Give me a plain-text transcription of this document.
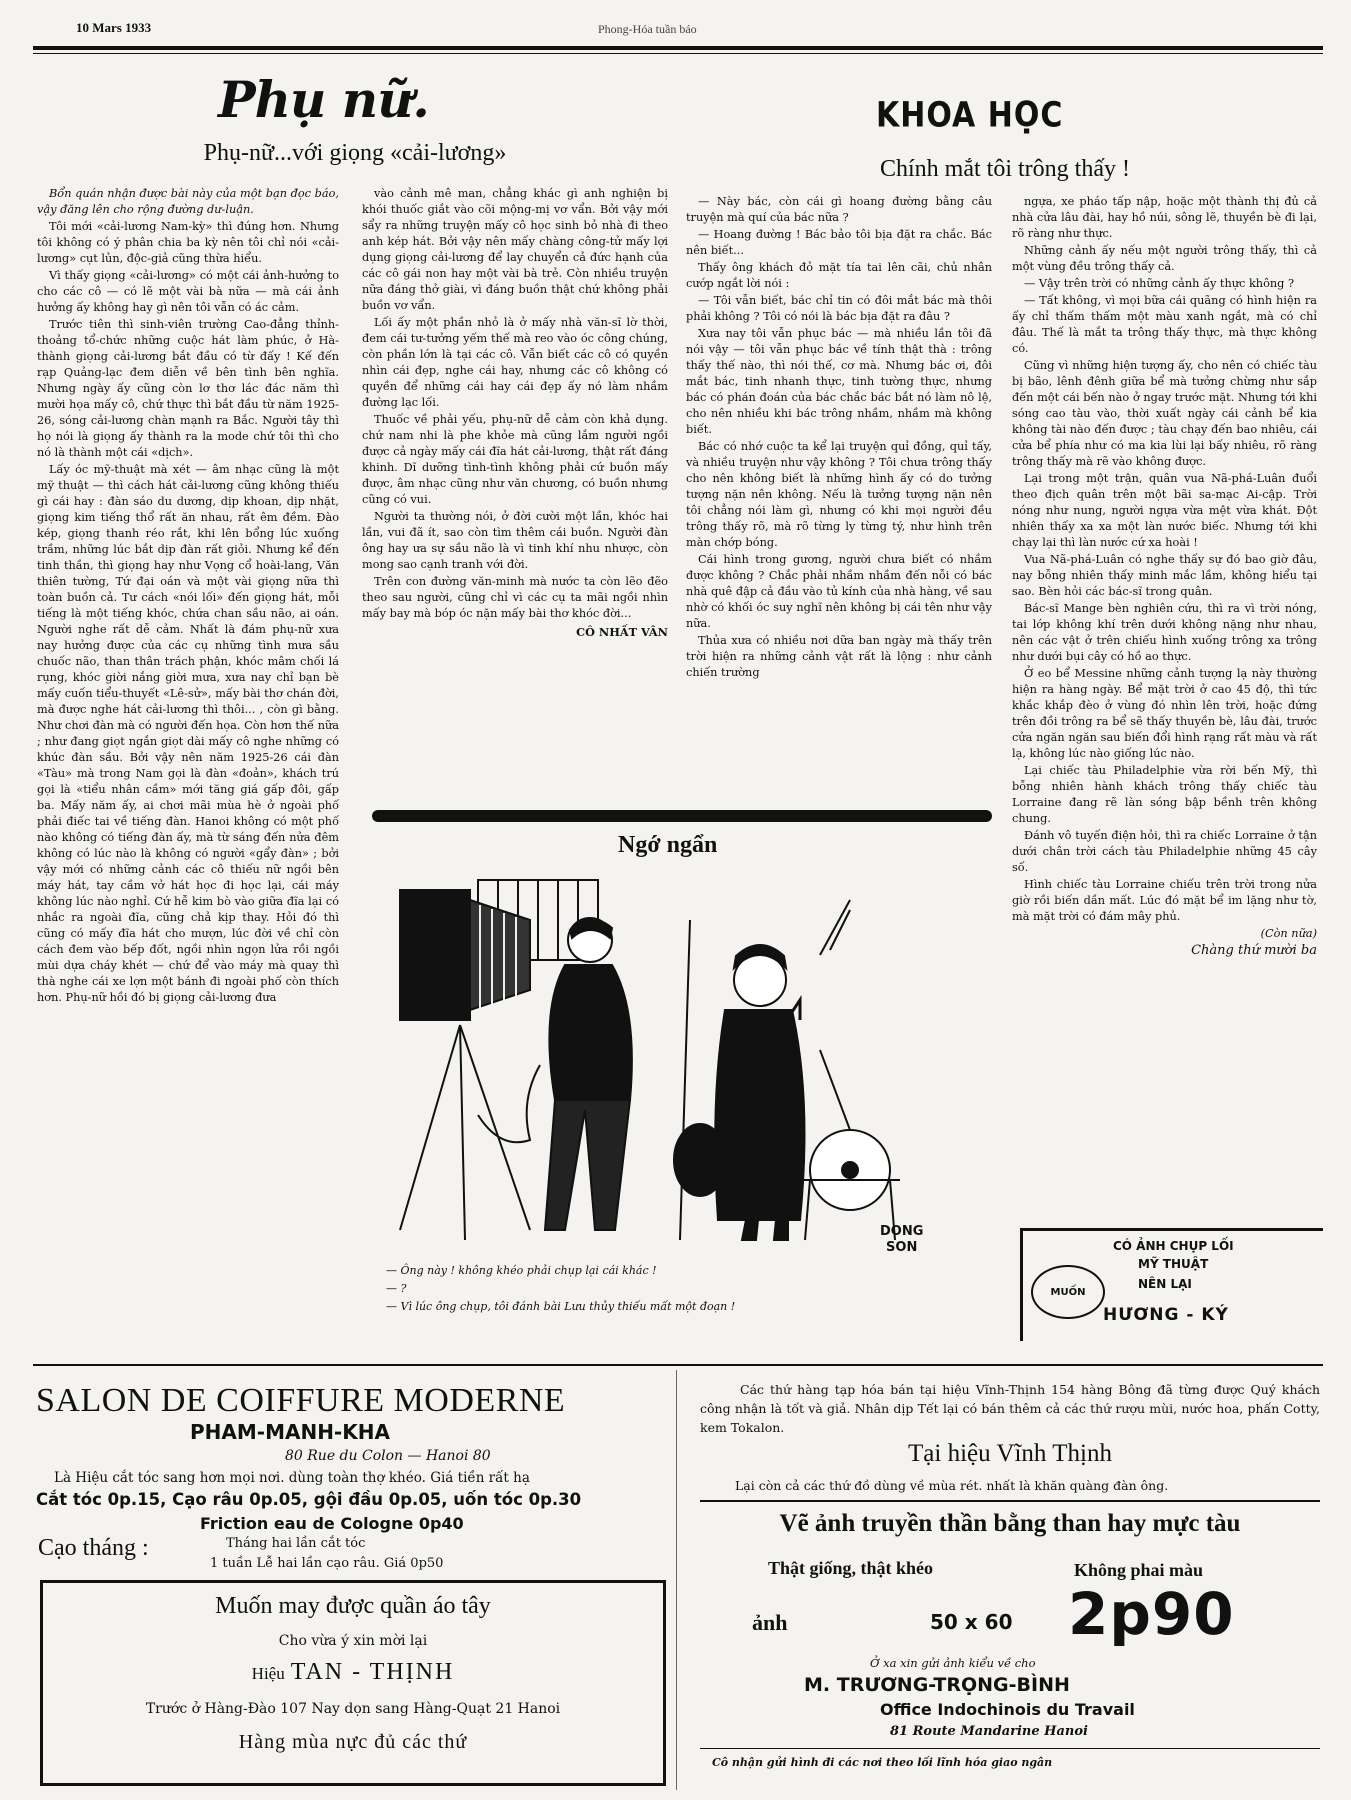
10 Mars 1933	Phong-Hóa tuần báo
Phụ nữ.
Phụ-nữ...với giọng «cải-lương»

Bổn quán nhận được bài này của một bạn đọc báo, vậy đăng lên cho rộng đường dư-luận.

Tôi mới «cải-lương Nam-kỳ» thì đúng hơn. Nhưng tôi không có ý phân chia ba kỳ nên tôi chỉ nói «cải-lương» cụt lủn, độc-giả cũng thừa hiểu.

Vì thấy giọng «cải-lương» có một cái ảnh-hưởng to cho các cô — có lẽ một vài bà nữa — mà cái ảnh hưởng ấy không hay gì nên tôi vẫn có ác cảm.

Trước tiên thì sinh-viên trường Cao-đẳng thỉnh-thoảng tổ-chức những cuộc hát làm phúc, ở Hà-thành giọng cải-lương bắt đầu có từ đấy ! Kế đến rạp Quảng-lạc đem diễn về bên tình bên nghĩa. Nhưng ngày ấy cũng còn lơ thơ lác đác năm thì mười họa mấy cô, chứ thực thì bắt đầu từ năm 1925-26, sóng cải-lương chàn mạnh ra Bắc. Người tây thì họ nói là giọng ấy thành ra la mode chứ tôi thì cho nó là thành một cái «dịch».

Lấy óc mỹ-thuật mà xét — âm nhạc cũng là một mỹ thuật — thì cách hát cải-lương cũng không thiếu gì cái hay : đàn sáo du dương, dịp khoan, dịp nhặt, giọng kim tiếng thổ rất ăn nhau, rất êm đềm. Đào kép, giọng thanh réo rắt, khi lên bổng lúc xuống trầm, những lúc bắt dịp đàn rất giỏi. Nhưng kể đến tinh thần, thì giọng hay như Vọng cổ hoài-lang, Văn thiên tường, Tứ đại oán và một vài giọng nữa thì toàn buồn cả. Tư cách «nói lối» đến giọng hát, mỗi tiếng là một tiếng khóc, chứa chan sầu não, ai oán. Người nghe rất dễ cảm. Nhất là đám phụ-nữ xưa nay hưởng được của các cụ những tình mưa sầu chuốc não, than thân trách phận, khóc mâm chối lá rụng, khóc giời nắng giời mưa, xưa nay chỉ bạn bè mấy cuốn tiểu-thuyết «Lê-sử», mấy bài thơ chán đời, mà được nghe hát cải-lương thì thôi... , còn gì bằng. Như chơi đàn mà có người đến họa. Còn hơn thế nữa ; như đang giọt ngắn giọt dài mấy cô nghe những có khúc đàn sầu. Bởi vậy nên năm 1925-26 cái đàn «Tàu» mà trong Nam gọi là đàn «đoản», khách trú gọi là «tiểu nhân cầm» mới tăng giá gấp đôi, gấp ba. Mấy năm ấy, ai chơi mãi mùa hè ở ngoài phố phải điếc tai về tiếng đàn. Hanoi không có một phố nào không có tiếng đàn ấy, mà từ sáng đến nửa đêm không có lúc nào là không có người «gẩy đàn» ; bởi vậy mới có những cảnh các cô thiếu nữ ngồi bên máy hát, tay cầm vở hát học đi học lại, cái máy không lúc nào nghỉ. Cứ hễ kim bò vào giữa đĩa lại có nhắc ra ngoài đĩa, cũng chả kịp thay. Hỏi đó thì cũng có mấy đĩa hát cho mượn, lúc đời về chỉ còn cách đem vào bếp đốt, ngồi nhìn ngọn lửa rồi ngồi mùi dựa cháy khét — chứ để vào máy mà quay thì thà nghe cái xe lợn một bánh đi ngoài phố còn thích hơn. Phụ-nữ hồi đó bị giọng cải-lương đưa

vào cảnh mê man, chẳng khác gì anh nghiện bị khói thuốc giắt vào cõi mộng-mị vơ vẩn. Bởi vậy mới sẩy ra những truyện mấy cô học sinh bỏ nhà đi theo anh kép hát. Bởi vậy nên mấy chàng công-tử mấy lợi dụng giọng cải-lương để lay chuyển cả đức hạnh của các cô gái non hay một vài bà trẻ. Còn nhiều truyện nữa đáng thở giài, vì đáng buồn thật chứ không phải buồn vơ vẩn.

Lối ấy một phần nhỏ là ở mấy nhà văn-sĩ lờ thời, đem cái tư-tưởng yếm thế mà reo vào óc công chúng, còn phần lớn là tại các cô. Vẫn biết các cô có quyền nhìn cái đẹp, nghe cái hay, nhưng các cô không có quyền để những cái hay cái đẹp ấy nó làm nhầm đường lạc lối.

Thuốc về phải yếu, phụ-nữ dễ cảm còn khả dụng. chứ nam nhi là phe khỏe mà cũng lắm người ngồi được cả ngày mấy cái đĩa hát cải-lương, thật rất đáng khinh. Dĩ dưỡng tình-tình không phải cứ buồn mấy được, âm nhạc cũng như văn chương, có buồn nhưng cũng có vui.

Người ta thường nói, ở đời cười một lần, khóc hai lần, vui đã ít, sao còn tìm thêm cái buồn. Người đàn ông hay ưa sự sầu não là vì tinh khí nhu nhược, còn mong sao cạnh tranh với đời.

Trên con đường văn-minh mà nước ta còn lẽo đẽo theo sau người, cũng chỉ vì các cụ ta mãi ngồi nhìn mấy bay mà bóp óc nặn mấy bài thơ khóc đời...

CÔ NHẤT VÂN

KHOA HỌC
Chính mắt tôi trông thấy !

— Này bác, còn cái gì hoang đường bằng câu truyện mà quí của bác nữa ?

— Hoang đường ! Bác bảo tôi bịa đặt ra chắc. Bác nên biết...

Thấy ông khách đỏ mặt tía tai lên cãi, chủ nhân cướp ngắt lời nói :

— Tôi vẫn biết, bác chỉ tin có đôi mắt bác mà thôi phải không ? Tôi có nói là bác bịa đặt ra đâu ?

Xưa nay tôi vẫn phục bác — mà nhiều lần tôi đã nói vậy — tôi vẫn phục bác về tính thật thà : trông thấy thế nào, thì nói thế, cơ mà. Nhưng bác ơi, đôi mắt bác, tinh nhanh thực, tinh tường thực, nhưng bác có phán đoán của bác chắc bác bắt nó làm nô lệ, cho nên nhiều khi bác trông nhầm, nhầm mà không biết.

Bác có nhớ cuộc ta kể lại truyện quỉ đồng, quỉ tấy, và nhiều truyện như vậy không ? Tôi chưa trông thấy cho nên không biết là những hình ấy có do tưởng tượng nặn nên không. Nếu là tưởng tượng nặn nên tôi chẳng nói làm gì, nhưng có khi mọi người đều trông thấy rõ, mà rõ từng ly từng tý, như hình trên màn chớp bóng.

Cái hình trong gương, người chưa biết có nhầm được không ? Chắc phải nhầm nhầm đến nỗi có bác nhà quê đập cả đầu vào tủ kính của nhà hàng, về sau nhờ có khối óc suy nghĩ nên không bị cái tên như vậy nữa.

Thủa xưa có nhiều nơi dữa ban ngày mà thấy trên trời hiện ra những cảnh vật rất là lộng : như cảnh chiến trường

ngựa, xe pháo tấp nập, hoặc một thành thị đủ cả nhà cửa lâu đài, hay hồ núi, sông lẽ, thuyền bè đi lại, rõ ràng như thực.

Những cảnh ấy nếu một người trông thấy, thì cả một vùng đều trông thấy cả.

— Vậy trên trời có những cảnh ấy thực không ?

— Tất không, vì mọi bữa cái quãng có hình hiện ra ấy chỉ thấm thấm một màu xanh ngắt, mà có chỉ đâu. Thế là mắt ta trông thấy thực, mà thực không có.

Cũng vì những hiện tượng ấy, cho nên có chiếc tàu bị bão, lênh đênh giữa bể mà tưởng chừng như sắp đến một cái bến nào ở ngay trước mặt. Nhưng tới khi sóng cao tàu vào, thời xuất ngày cái cảnh bể kia không tài nào đến được ; tàu chạy đến bao nhiêu, cái cửa bể phía như có ma kia lùi lại bấy nhiêu, rõ ràng trông thấy mà rẽ vào không được.

Lại trong một trận, quân vua Nã-phá-Luân đuổi theo địch quân trên một bãi sa-mạc Ai-cập. Trời nóng như nung, người ngựa vừa mệt vừa khát. Đột nhiên thấy xa xa một làn nước biếc. Nhưng tới khi chạy lại thì làn nước cứ xa hoài !

Vua Nã-phá-Luân có nghe thấy sự đó bao giờ đâu, nay bỗng nhiên thấy minh mắc lầm, không hiểu tại sao. Bèn hỏi các bác-sĩ trong quân.

Bác-sĩ Mange bèn nghiên cứu, thì ra vì trời nóng, tai lớp không khí trên dưới không nặng như nhau, nên các vật ở trên chiếu hình xuống trông xa trông như dưới bụi cây có hồ ao thực.

Ở eo bể Messine những cảnh tượng lạ này thường hiện ra hàng ngày. Bể mặt trời ở cao 45 độ, thì tức khắc khắp đèo ở vùng đó nhìn lên trời, hoặc đứng trên đồi trông ra bể sẽ thấy thuyền bè, lâu đài, trước cửa ngăn ngăn sau biến đổi hình rạng rất màu và rất lạ, không lúc nào giống lúc nào.

Lại chiếc tàu Philadelphie vừa rời bến Mỹ, thì bỗng nhiên hành khách trông thấy chiếc tàu Lorraine đang rẽ làn sóng bập bềnh trên không chung.

Đánh vô tuyến điện hỏi, thì ra chiếc Lorraine ở tận dưới chân trời cách tàu Philadelphie những 45 cây số.

Hình chiếc tàu Lorraine chiếu trên trời trong nửa giờ rồi biến dần mất. Lúc đó mặt bể im lặng như tờ, mà mặt trời có đám mây phủ.

(Còn nữa)

Chàng thứ mười ba

Ngớ ngẩn
DONG
SON
— Ông này ! không khéo phải chụp lại cái khác !
— ?
— Vì lúc ông chụp, tôi đánh bài Lưu thủy thiếu mất một đoạn !
MUỐN
CÓ ẢNH CHỤP LỐI
MỸ THUẬT
NÊN LẠI
HƯƠNG - KÝ
SALON DE COIFFURE MODERNE
PHAM-MANH-KHA
80 Rue du Colon — Hanoi 80
Là Hiệu cắt tóc sang hơn mọi nơi. dùng toàn thợ khéo. Giá tiền rất hạ
Cắt tóc 0p.15, Cạo râu 0p.05, gội đầu 0p.05, uốn tóc 0p.30
Friction eau de Cologne 0p40
Cạo tháng :	Tháng hai lần cắt tóc
1 tuần Lễ hai lần cạo râu. Giá 0p50
Muốn may được quần áo tây
Cho vừa ý xin mời lại
Hiệu TAN - THỊNH
Trước ở Hàng-Đào 107 Nay dọn sang Hàng-Quạt 21 Hanoi
Hàng mùa nực đủ các thứ
Các thứ hàng tạp hóa bán tại hiệu Vĩnh-Thịnh 154 hàng Bông đã từng được Quý khách công nhận là tốt và giả. Nhân dịp Tết lại có bán thêm cả các thứ rượu mùi, nước hoa, phấn Cotty, kem Tokalon.
Tại hiệu Vĩnh Thịnh
Lại còn cả các thứ đồ dùng về mùa rét. nhất là khăn quàng đàn ông.
Vẽ ảnh truyền thần bằng than hay mực tàu
Thật giống, thật khéo	Không phai màu
ảnh	50 x 60 2p90
Ở xa xin gửi ảnh kiểu về cho
M. TRƯƠNG-TRỌNG-BÌNH
Office Indochinois du Travail
81 Route Mandarine Hanoi
Cô nhận gửi hình đi các nơi theo lối lĩnh hóa giao ngân
